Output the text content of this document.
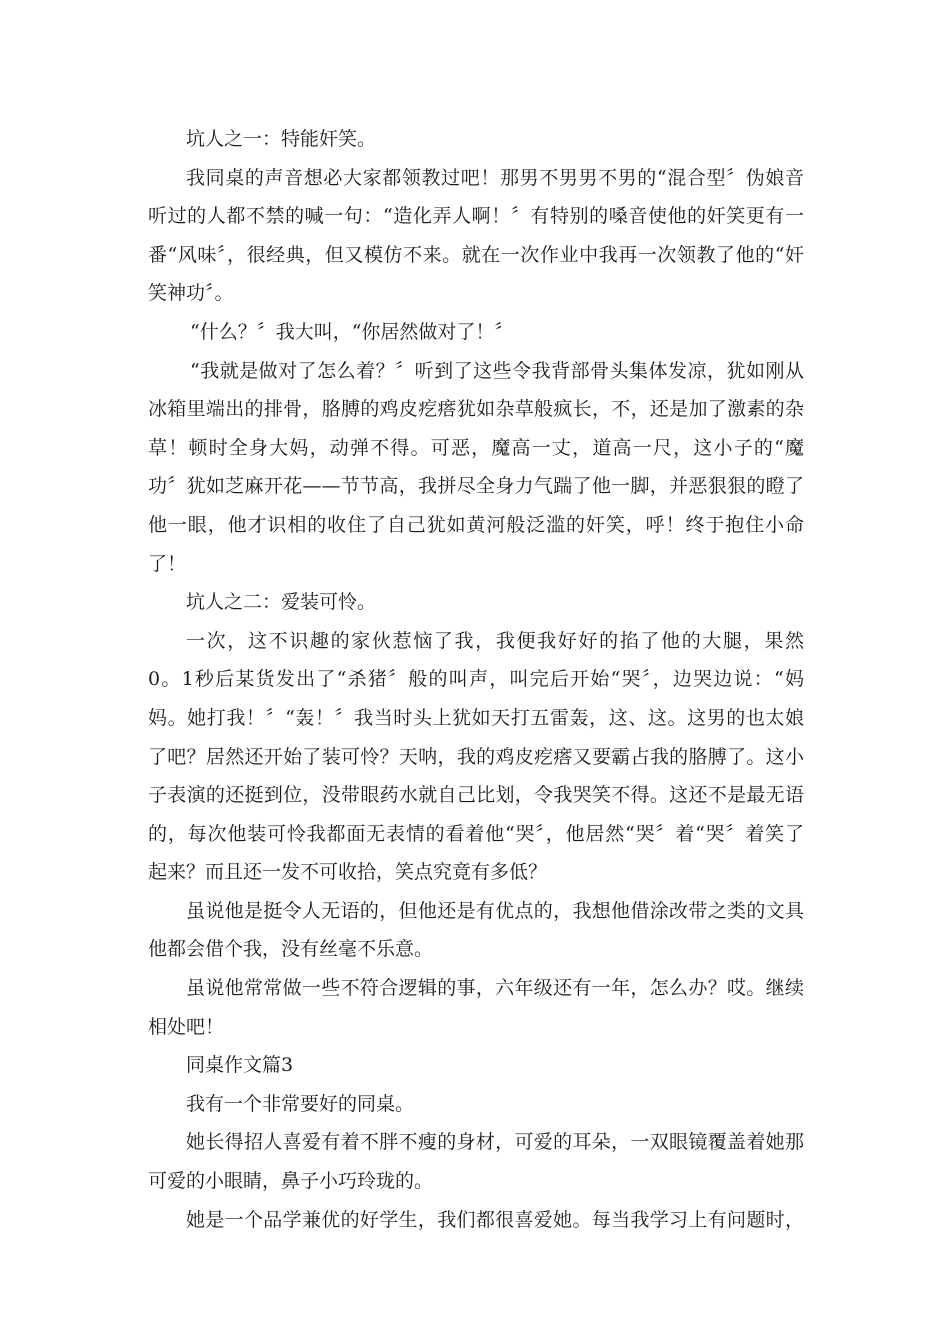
坑人之一：特能奸笑。
我同桌的声音想必大家都领教过吧！那男不男男不男的“混合型〞伪娘音
听过的人都不禁的喊一句：“造化弄人啊！〞有特别的嗓音使他的奸笑更有一
番“风味〞，很经典，但又模仿不来。就在一次作业中我再一次领教了他的“奸
笑神功〞。
“什么？〞我大叫，“你居然做对了！〞
“我就是做对了怎么着？〞听到了这些令我背部骨头集体发凉，犹如刚从
冰箱里端出的排骨，胳膊的鸡皮疙瘩犹如杂草般疯长，不，还是加了激素的杂
草！顿时全身大妈，动弹不得。可恶，魔高一丈，道高一尺，这小子的“魔
功〞犹如芝麻开花——节节高，我拼尽全身力气踹了他一脚，并恶狠狠的瞪了
他一眼，他才识相的收住了自己犹如黄河般泛滥的奸笑，呼！终于抱住小命
了！
坑人之二：爱装可怜。
一次，这不识趣的家伙惹恼了我，我便我好好的掐了他的大腿，果然
0。1秒后某货发出了“杀猪〞般的叫声，叫完后开始“哭〞，边哭边说：“妈
妈。她打我！〞“轰！〞我当时头上犹如天打五雷轰，这、这。这男的也太娘
了吧？居然还开始了装可怜？天呐，我的鸡皮疙瘩又要霸占我的胳膊了。这小
子表演的还挺到位，没带眼药水就自己比划，令我哭笑不得。这还不是最无语
的，每次他装可怜我都面无表情的看着他“哭〞，他居然“哭〞着“哭〞着笑了
起来？而且还一发不可收拾，笑点究竟有多低？
虽说他是挺令人无语的，但他还是有优点的，我想他借涂改带之类的文具
他都会借个我，没有丝毫不乐意。
虽说他常常做一些不符合逻辑的事，六年级还有一年，怎么办？哎。继续
相处吧！
同桌作文篇3
我有一个非常要好的同桌。
她长得招人喜爱有着不胖不瘦的身材，可爱的耳朵，一双眼镜覆盖着她那
可爱的小眼睛，鼻子小巧玲珑的。
她是一个品学兼优的好学生，我们都很喜爱她。每当我学习上有问题时，
